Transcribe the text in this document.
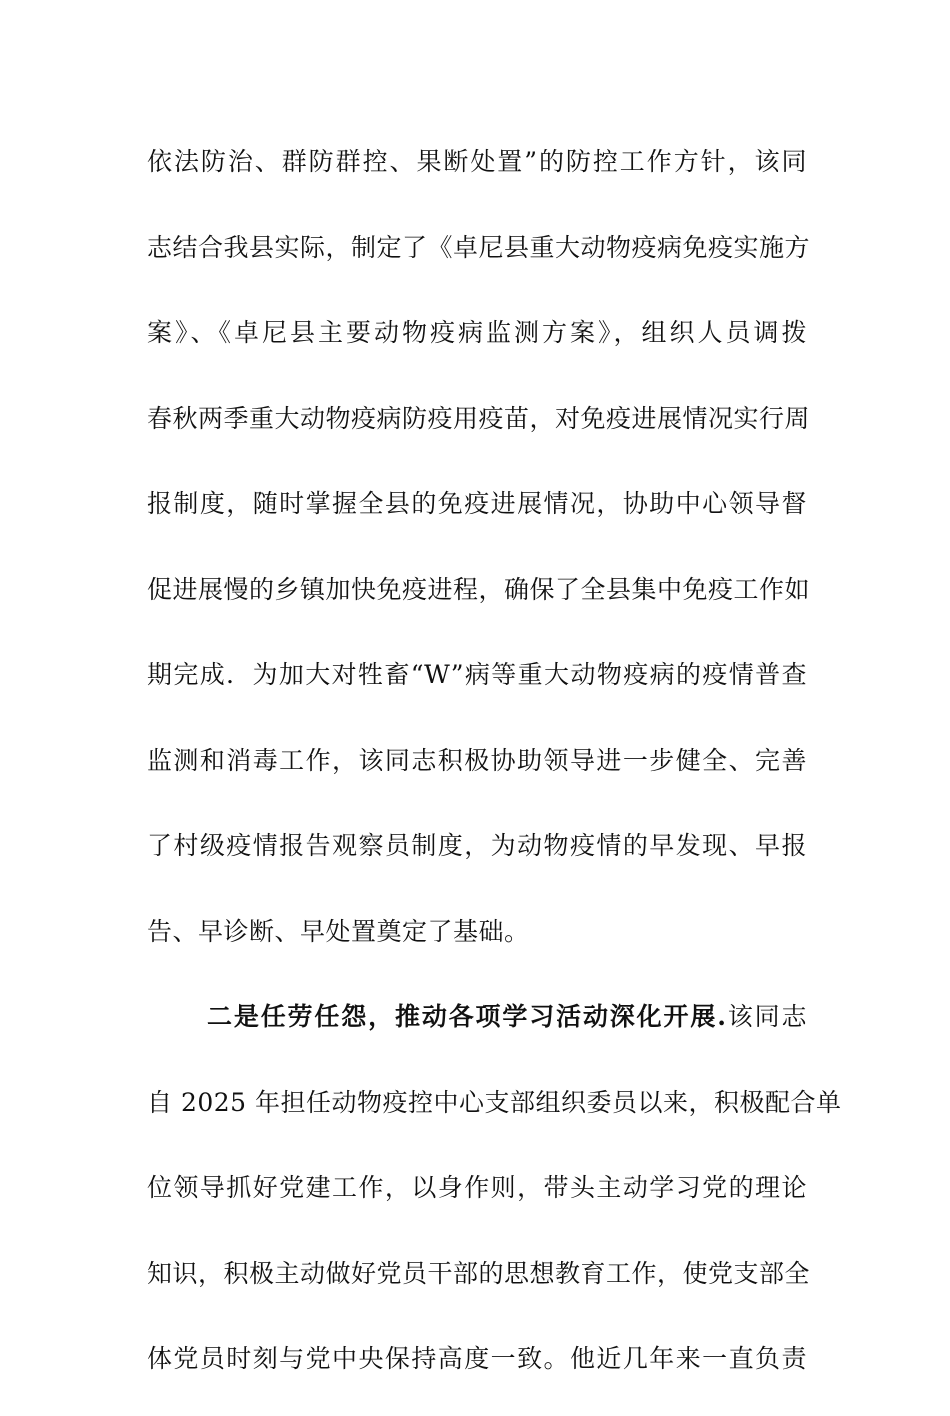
依法防治、群防群控、果断处置”的防控工作方针，该同
志结合我县实际，制定了《卓尼县重大动物疫病免疫实施方
案》、《卓尼县主要动物疫病监测方案》，组织人员调拨
春秋两季重大动物疫病防疫用疫苗，对免疫进展情况实行周
报制度，随时掌握全县的免疫进展情况，协助中心领导督
促进展慢的乡镇加快免疫进程，确保了全县集中免疫工作如
期完成．为加大对牲畜“W”病等重大动物疫病的疫情普查
监测和消毒工作，该同志积极协助领导进一步健全、完善
了村级疫情报告观察员制度，为动物疫情的早发现、早报
告、早诊断、早处置奠定了基础。
二是任劳任怨，推动各项学习活动深化开展.该同志
自 2025 年担任动物疫控中心支部组织委员以来，积极配合单
位领导抓好党建工作，以身作则，带头主动学习党的理论
知识，积极主动做好党员干部的思想教育工作，使党支部全
体党员时刻与党中央保持高度一致。他近几年来一直负责
